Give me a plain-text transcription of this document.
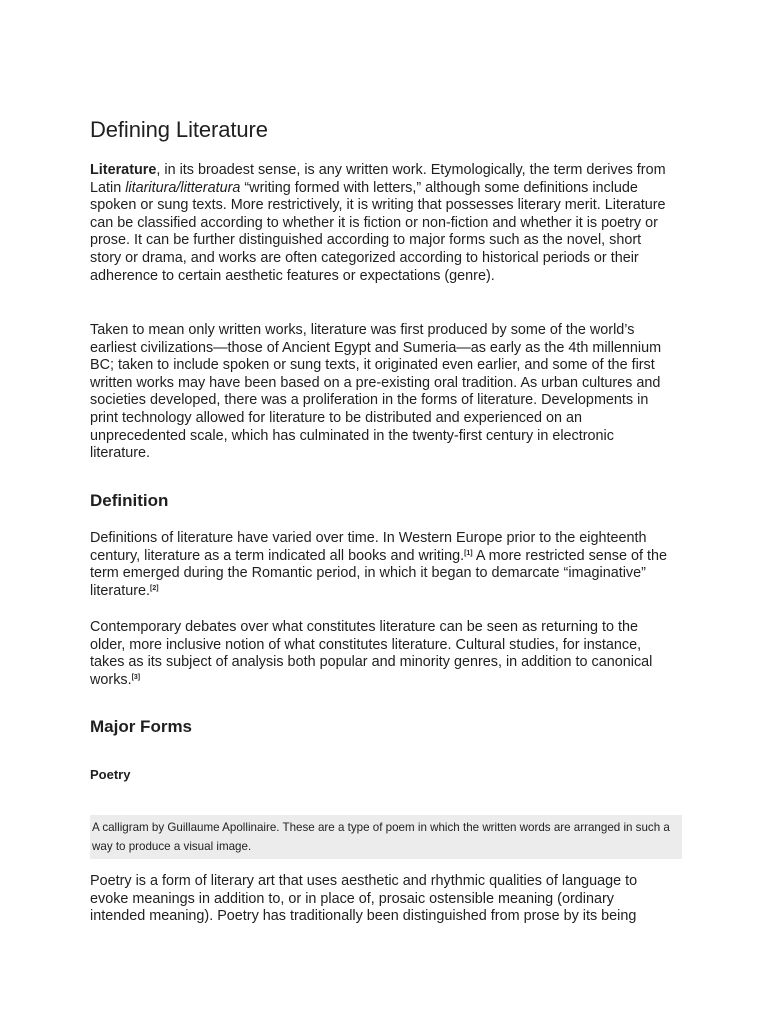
Defining Literature

Literature, in its broadest sense, is any written work. Etymologically, the term derives from Latin litaritura/litteratura “writing formed with letters,” although some definitions include spoken or sung texts. More restrictively, it is writing that possesses literary merit. Literature can be classified according to whether it is fiction or non-fiction and whether it is poetry or prose. It can be further distinguished according to major forms such as the novel, short story or drama, and works are often categorized according to historical periods or their adherence to certain aesthetic features or expectations (genre).

Taken to mean only written works, literature was first produced by some of the world’s earliest civilizations—those of Ancient Egypt and Sumeria—as early as the 4th millennium BC; taken to include spoken or sung texts, it originated even earlier, and some of the first written works may have been based on a pre-existing oral tradition. As urban cultures and societies developed, there was a proliferation in the forms of literature. Developments in print technology allowed for literature to be distributed and experienced on an unprecedented scale, which has culminated in the twenty-first century in electronic literature.

Definition

Definitions of literature have varied over time. In Western Europe prior to the eighteenth century, literature as a term indicated all books and writing.[1] A more restricted sense of the term emerged during the Romantic period, in which it began to demarcate “imaginative” literature.[2]

Contemporary debates over what constitutes literature can be seen as returning to the older, more inclusive notion of what constitutes literature. Cultural studies, for instance, takes as its subject of analysis both popular and minority genres, in addition to canonical works.[3]

Major Forms
Poetry
A calligram by Guillaume Apollinaire. These are a type of poem in which the written words are arranged in such a way to produce a visual image.

Poetry is a form of literary art that uses aesthetic and rhythmic qualities of language to evoke meanings in addition to, or in place of, prosaic ostensible meaning (ordinary intended meaning). Poetry has traditionally been distinguished from prose by its being
